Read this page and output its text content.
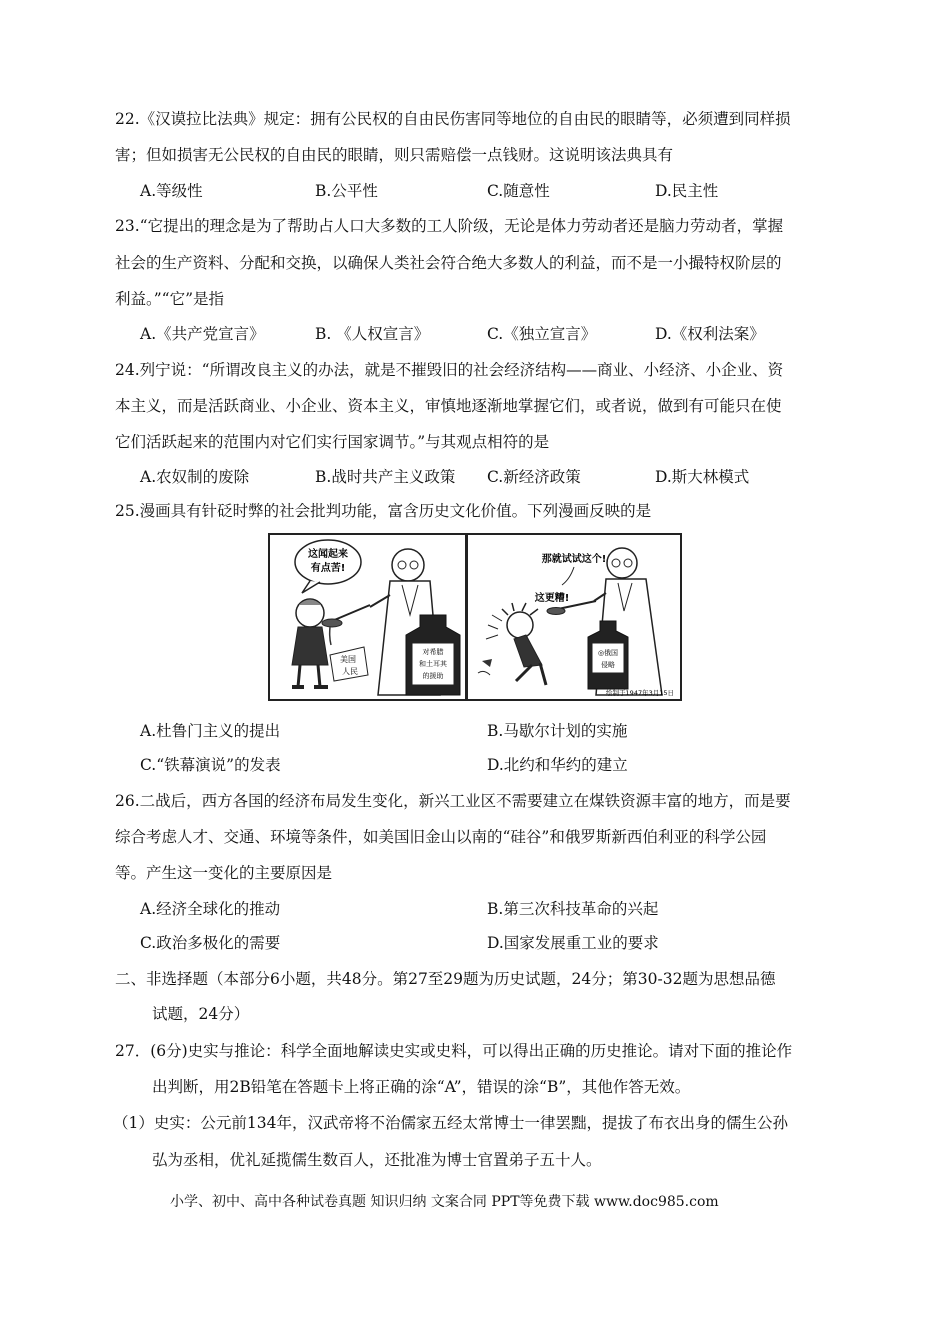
22.《汉谟拉比法典》规定：拥有公民权的自由民伤害同等地位的自由民的眼睛等，必须遭到同样损
害；但如损害无公民权的自由民的眼睛，则只需赔偿一点钱财。这说明该法典具有
A.等级性	B.公平性	C.随意性	D.民主性
23.“它提出的理念是为了帮助占人口大多数的工人阶级，无论是体力劳动者还是脑力劳动者，掌握
社会的生产资料、分配和交换，以确保人类社会符合绝大多数人的利益，而不是一小撮特权阶层的
利益。”“它”是指
A.《共产党宣言》	B. 《人权宣言》	C.《独立宣言》	D.《权利法案》
24.列宁说：“所谓改良主义的办法，就是不摧毁旧的社会经济结构——商业、小经济、小企业、资
本主义，而是活跃商业、小企业、资本主义，审慎地逐渐地掌握它们，或者说，做到有可能只在使
它们活跃起来的范围内对它们实行国家调节。”与其观点相符的是
A.农奴制的废除	B.战时共产主义政策 C.新经济政策	D.斯大林模式
25.漫画具有针砭时弊的社会批判功能，富含历史文化价值。下列漫画反映的是
这闻起来
有点苦!
美国
人民
对希腊
和土耳其
的援助
那就试试这个!
这更糟!
◎俄国
侵略
绘制于1947年3月15日
A.杜鲁门主义的提出	B.马歇尔计划的实施
C.“铁幕演说”的发表	D.北约和华约的建立
26.二战后，西方各国的经济布局发生变化，新兴工业区不需要建立在煤铁资源丰富的地方，而是要
综合考虑人才、交通、环境等条件，如美国旧金山以南的“硅谷”和俄罗斯新西伯利亚的科学公园
等。产生这一变化的主要原因是
A.经济全球化的推动	B.第三次科技革命的兴起
C.政治多极化的需要	D.国家发展重工业的要求
二、非选择题（本部分6小题，共48分。第27至29题为历史试题，24分；第30-32题为思想品德
试题，24分）
27．(6分)史实与推论：科学全面地解读史实或史料，可以得出正确的历史推论。请对下面的推论作
出判断，用2B铅笔在答题卡上将正确的涂“A”，错误的涂“B”，其他作答无效。
（1）史实：公元前134年，汉武帝将不治儒家五经太常博士一律罢黜，提拔了布衣出身的儒生公孙
弘为丞相，优礼延揽儒生数百人，还批准为博士官置弟子五十人。
小学、初中、高中各种试卷真题 知识归纳 文案合同 PPT等免费下载 www.doc985.com
